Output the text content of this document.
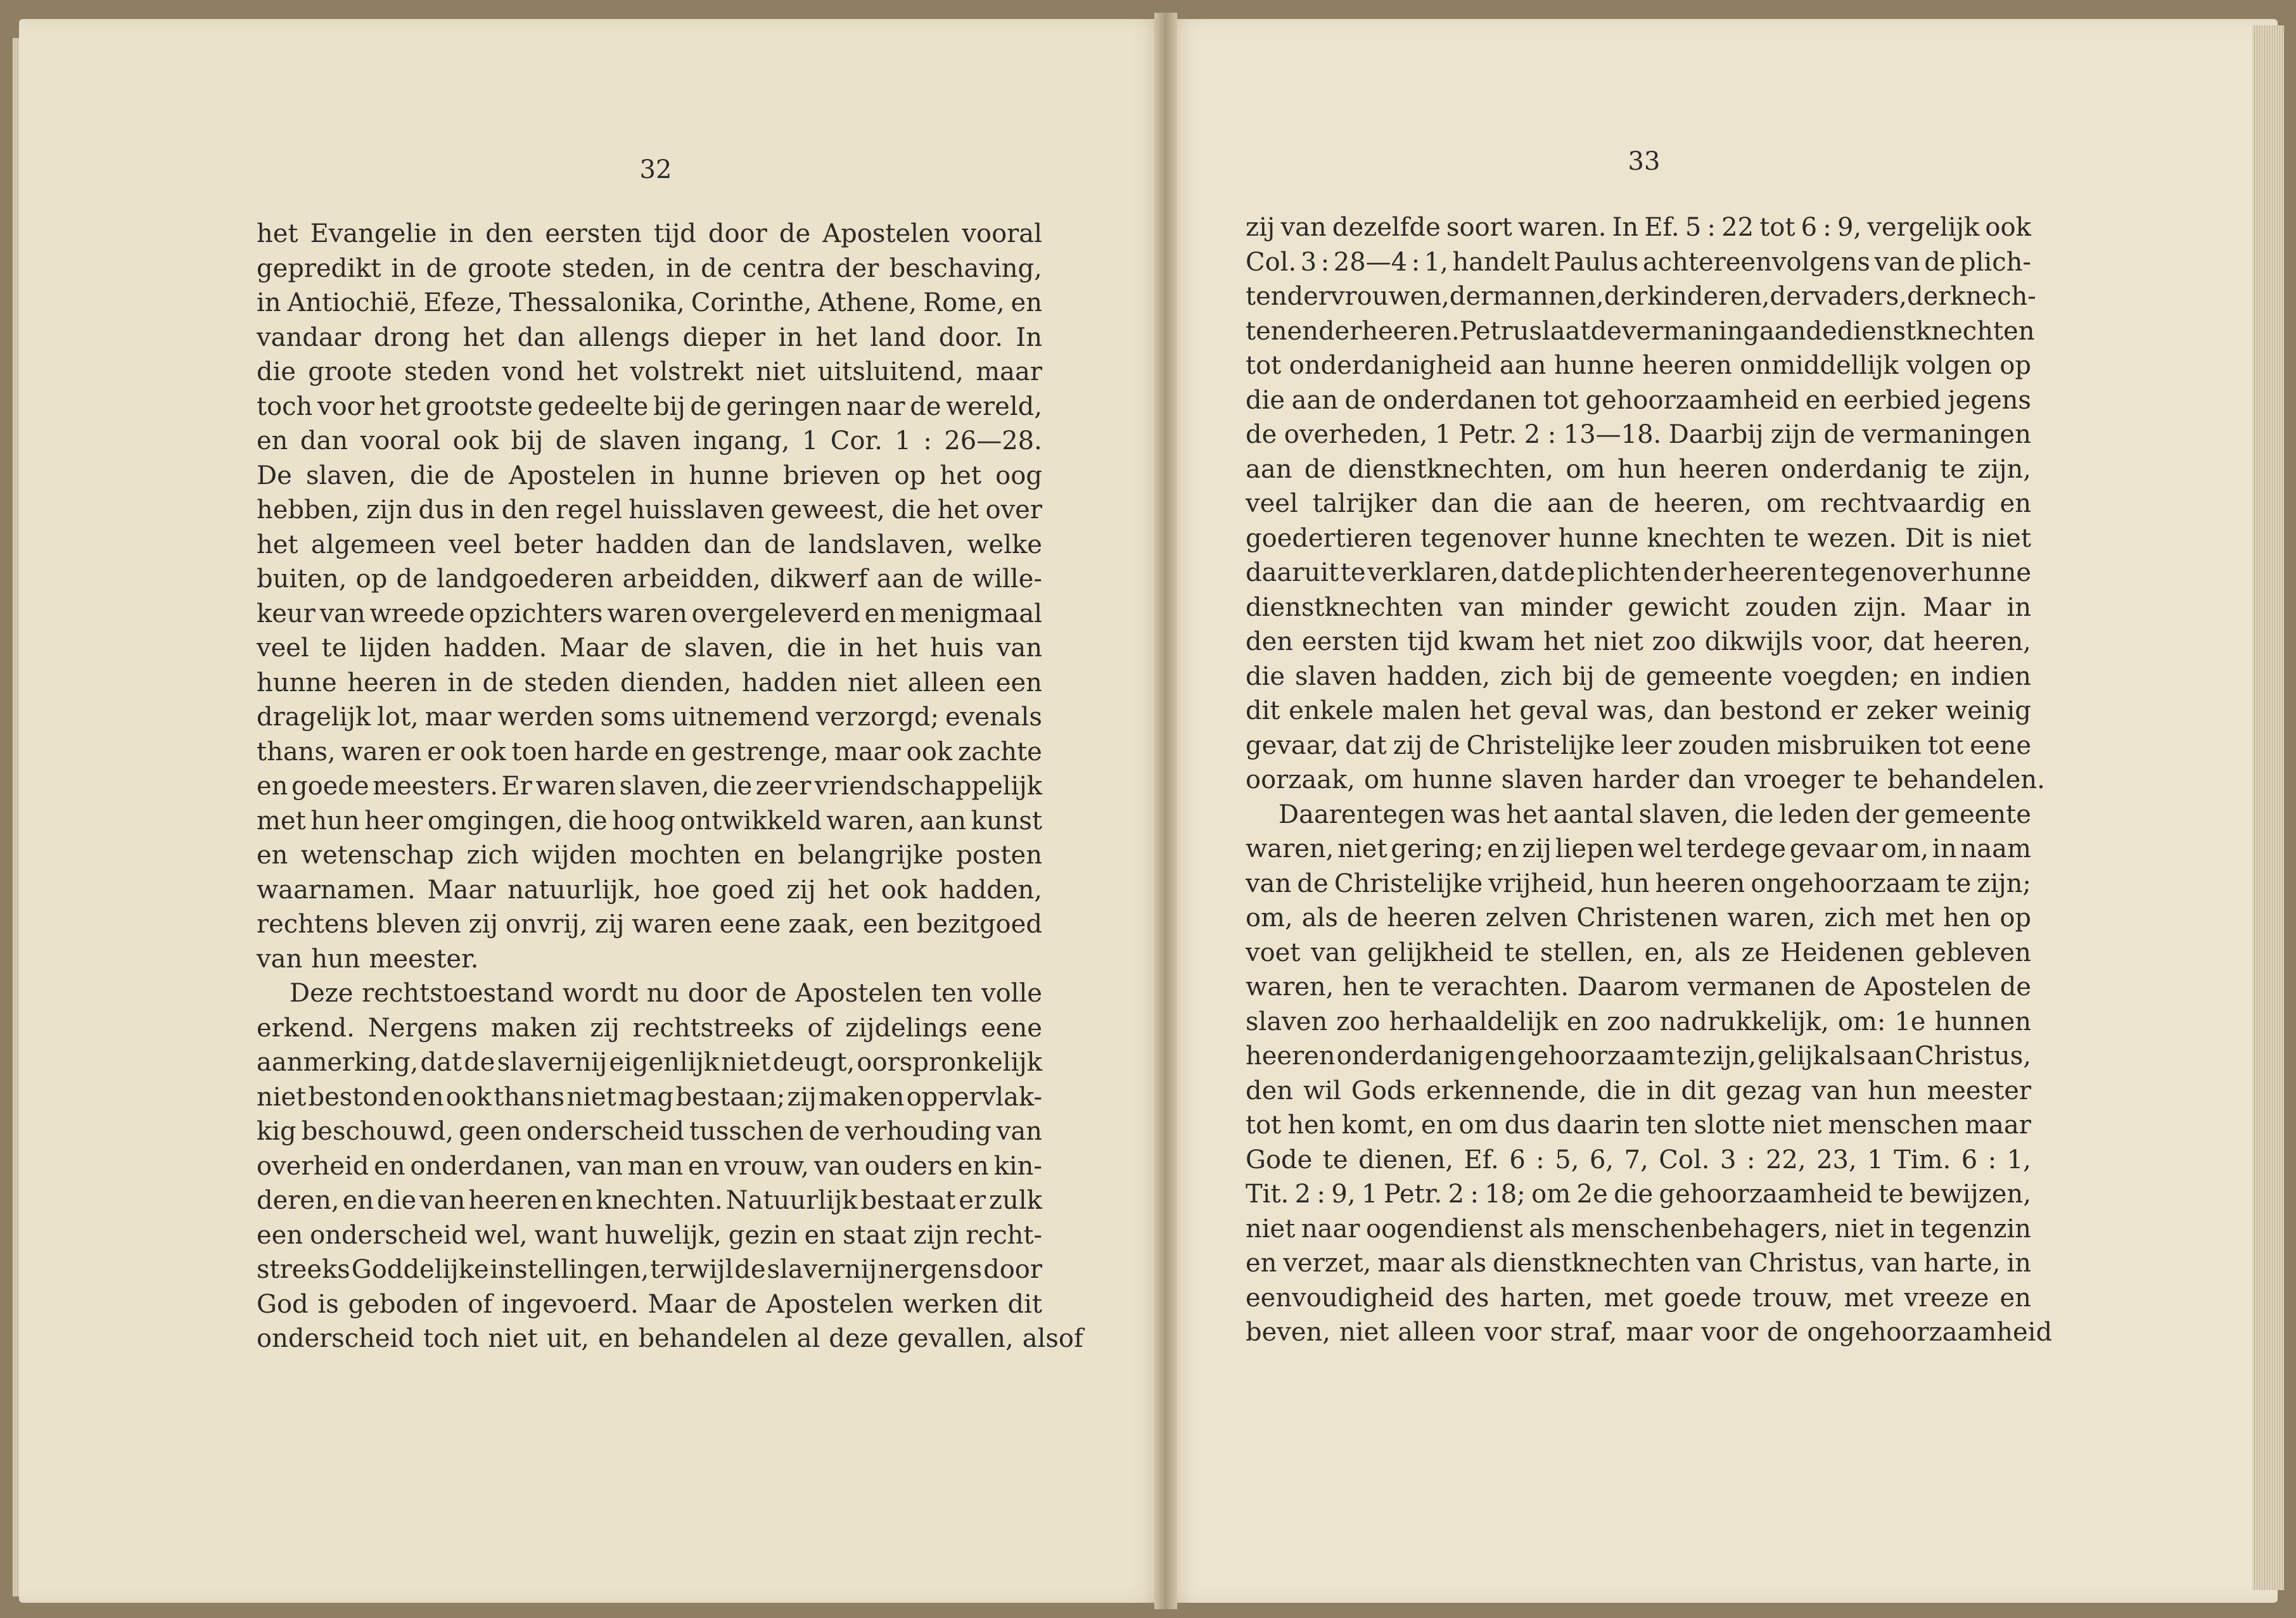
32	33
het Evangelie in den eersten tijd door de Apostelen vooral
gepredikt in de groote steden, in de centra der beschaving,
in Antiochië, Efeze, Thessalonika, Corinthe, Athene, Rome, en
vandaar drong het dan allengs dieper in het land door. In
die groote steden vond het volstrekt niet uitsluitend, maar
toch voor het grootste gedeelte bij de geringen naar de wereld,
en dan vooral ook bij de slaven ingang, 1 Cor. 1 : 26—28.
De slaven, die de Apostelen in hunne brieven op het oog
hebben, zijn dus in den regel huisslaven geweest, die het over
het algemeen veel beter hadden dan de landslaven, welke
buiten, op de landgoederen arbeidden, dikwerf aan de wille-
keur van wreede opzichters waren overgeleverd en menigmaal
veel te lijden hadden. Maar de slaven, die in het huis van
hunne heeren in de steden dienden, hadden niet alleen een
dragelijk lot, maar werden soms uitnemend verzorgd; evenals
thans, waren er ook toen harde en gestrenge, maar ook zachte
en goede meesters. Er waren slaven, die zeer vriendschappelijk
met hun heer omgingen, die hoog ontwikkeld waren, aan kunst
en wetenschap zich wijden mochten en belangrijke posten
waarnamen. Maar natuurlijk, hoe goed zij het ook hadden,
rechtens bleven zij onvrij, zij waren eene zaak, een bezitgoed
van hun meester.
Deze rechtstoestand wordt nu door de Apostelen ten volle
erkend. Nergens maken zij rechtstreeks of zijdelings eene
aanmerking, dat de slavernij eigenlijk niet deugt, oorspronkelijk
niet bestond en ook thans niet mag bestaan; zij maken oppervlak-
kig beschouwd, geen onderscheid tusschen de verhouding van
overheid en onderdanen, van man en vrouw, van ouders en kin-
deren, en die van heeren en knechten. Natuurlijk bestaat er zulk
een onderscheid wel, want huwelijk, gezin en staat zijn recht-
streeks Goddelijke instellingen, terwijl de slavernij nergens door
God is geboden of ingevoerd. Maar de Apostelen werken dit
onderscheid toch niet uit, en behandelen al deze gevallen, alsof
zij van dezelfde soort waren. In Ef. 5 : 22 tot 6 : 9, vergelijk ook
Col. 3 : 28—4 : 1, handelt Paulus achtereenvolgens van de plich-
ten der vrouwen, der mannen, der kinderen, der vaders, der knech-
ten en der heeren. Petrus laat de vermaning aan de dienstknechten
tot onderdanigheid aan hunne heeren onmiddellijk volgen op
die aan de onderdanen tot gehoorzaamheid en eerbied jegens
de overheden, 1 Petr. 2 : 13—18. Daarbij zijn de vermaningen
aan de dienstknechten, om hun heeren onderdanig te zijn,
veel talrijker dan die aan de heeren, om rechtvaardig en
goedertieren tegenover hunne knechten te wezen. Dit is niet
daaruit te verklaren, dat de plichten der heeren tegenover hunne
dienstknechten van minder gewicht zouden zijn. Maar in
den eersten tijd kwam het niet zoo dikwijls voor, dat heeren,
die slaven hadden, zich bij de gemeente voegden; en indien
dit enkele malen het geval was, dan bestond er zeker weinig
gevaar, dat zij de Christelijke leer zouden misbruiken tot eene
oorzaak, om hunne slaven harder dan vroeger te behandelen.
Daarentegen was het aantal slaven, die leden der gemeente
waren, niet gering; en zij liepen wel terdege gevaar om, in naam
van de Christelijke vrijheid, hun heeren ongehoorzaam te zijn;
om, als de heeren zelven Christenen waren, zich met hen op
voet van gelijkheid te stellen, en, als ze Heidenen gebleven
waren, hen te verachten. Daarom vermanen de Apostelen de
slaven zoo herhaaldelijk en zoo nadrukkelijk, om: 1e hunnen
heeren onderdanig en gehoorzaam te zijn, gelijk als aan Christus,
den wil Gods erkennende, die in dit gezag van hun meester
tot hen komt, en om dus daarin ten slotte niet menschen maar
Gode te dienen, Ef. 6 : 5, 6, 7, Col. 3 : 22, 23, 1 Tim. 6 : 1,
Tit. 2 : 9, 1 Petr. 2 : 18; om 2e die gehoorzaamheid te bewijzen,
niet naar oogendienst als menschenbehagers, niet in tegenzin
en verzet, maar als dienstknechten van Christus, van harte, in
eenvoudigheid des harten, met goede trouw, met vreeze en
beven, niet alleen voor straf, maar voor de ongehoorzaamheid
